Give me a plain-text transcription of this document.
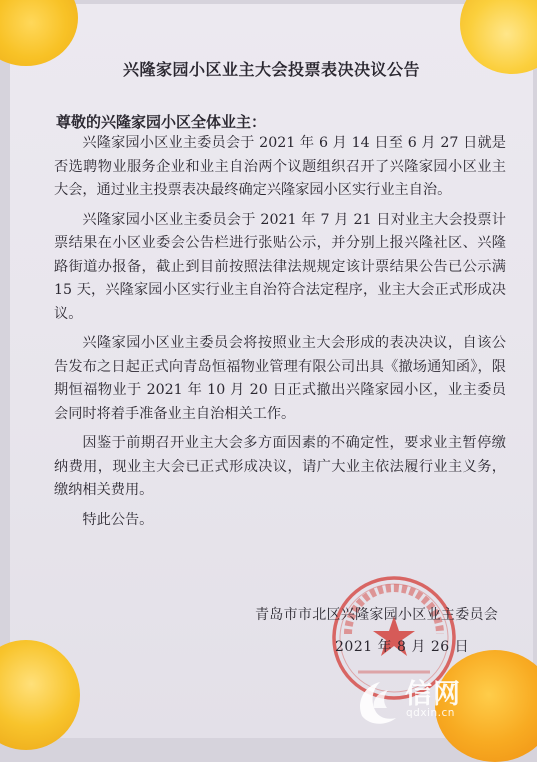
兴隆家园小区业主大会投票表决决议公告
尊敬的兴隆家园小区全体业主：

兴隆家园小区业主委员会于 2021 年 6 月 14 日至 6 月 27 日就是否选聘物业服务企业和业主自治两个议题组织召开了兴隆家园小区业主大会，通过业主投票表决最终确定兴隆家园小区实行业主自治。

兴隆家园小区业主委员会于 2021 年 7 月 21 日对业主大会投票计票结果在小区业委会公告栏进行张贴公示，并分别上报兴隆社区、兴隆路街道办报备，截止到目前按照法律法规规定该计票结果公告已公示满 15 天，兴隆家园小区实行业主自治符合法定程序，业主大会正式形成决议。

兴隆家园小区业主委员会将按照业主大会形成的表决决议，自该公告发布之日起正式向青岛恒福物业管理有限公司出具《撤场通知函》，限期恒福物业于 2021 年 10 月 20 日正式撤出兴隆家园小区，业主委员会同时将着手准备业主自治相关工作。

因鉴于前期召开业主大会多方面因素的不确定性，要求业主暂停缴纳费用，现业主大会已正式形成决议，请广大业主依法履行业主义务，缴纳相关费用。

特此公告。

青岛市市北区兴隆家园小区业主委员会
2021 年 8 月 26 日
信网
qdxin.cn
